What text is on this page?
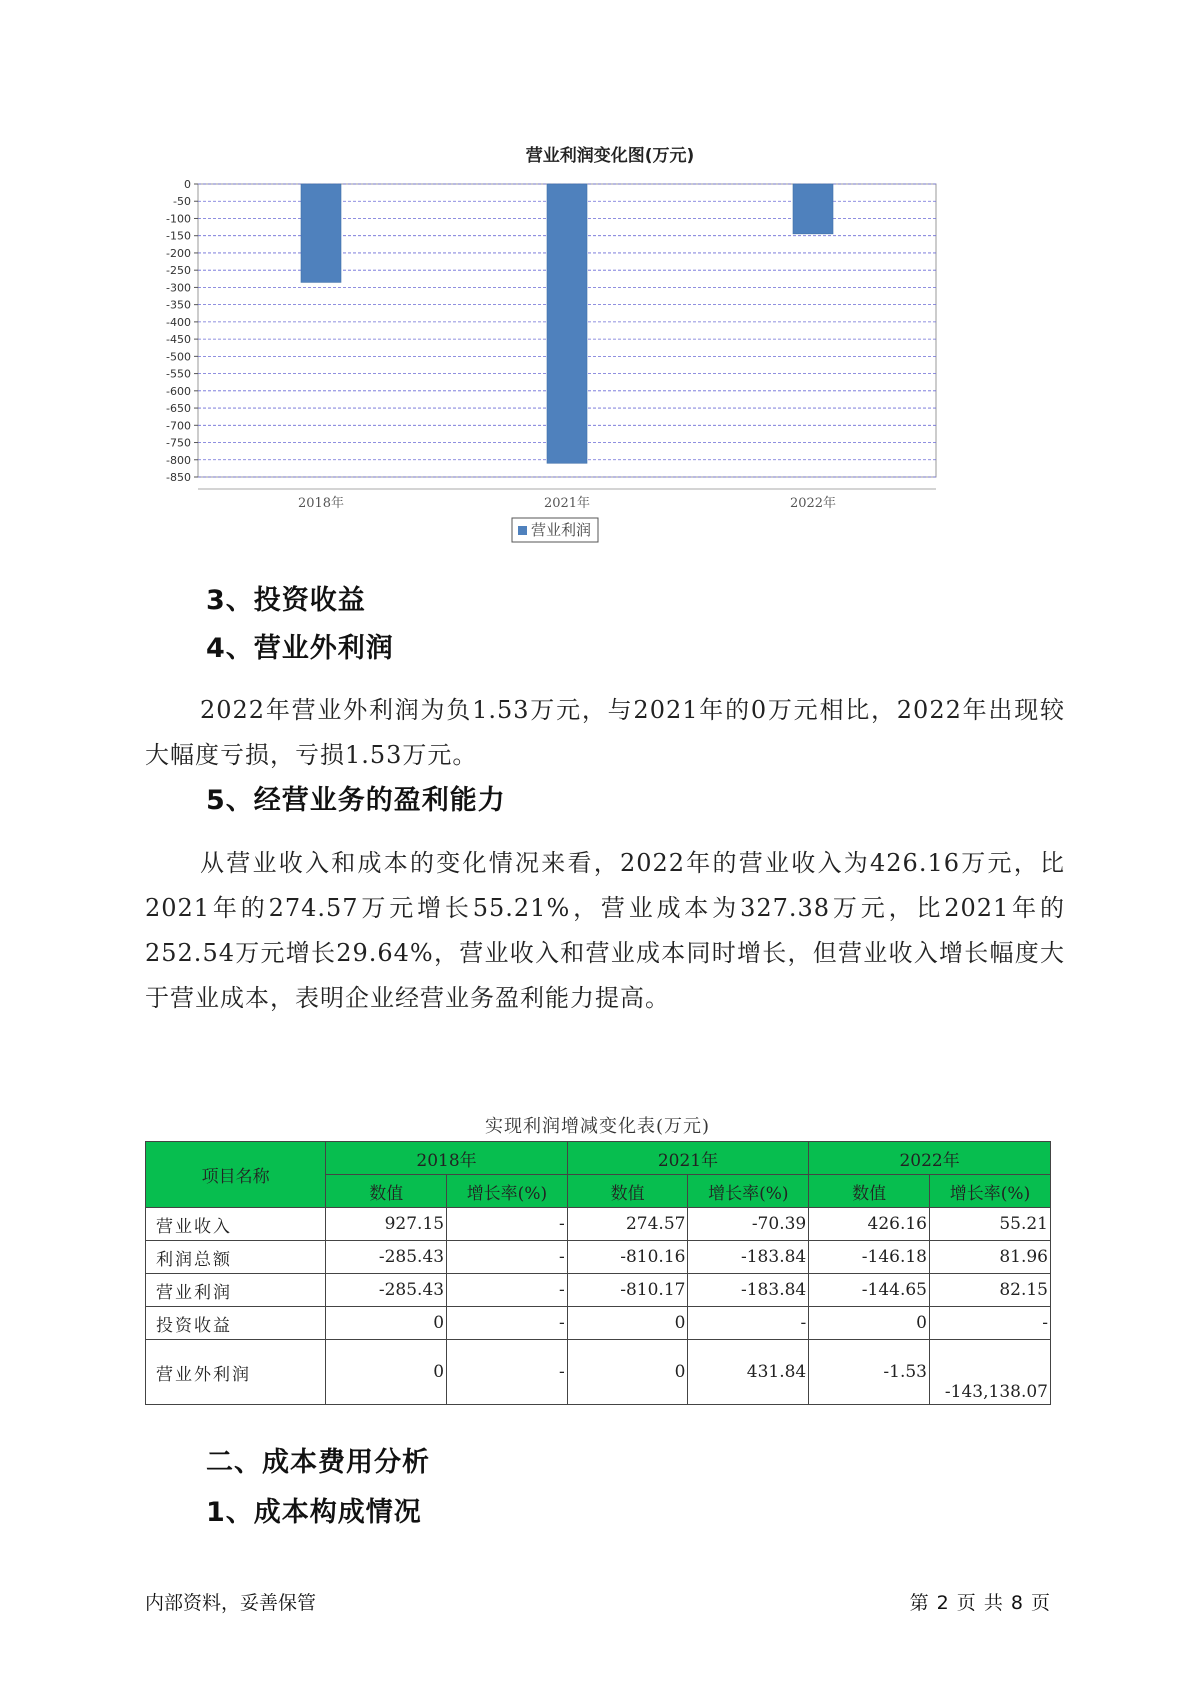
营业利润变化图(万元)
0
-50
-100
-150
-200
-250
-300
-350
-400
-450
-500
-550
-600
-650
-700
-750
-800
-850
2018年	2021年	2022年
营业利润
3、投资收益
4、营业外利润

2022年营业外利润为负1.53万元，与2021年的0万元相比，2022年出现较大幅度亏损，亏损1.53万元。

5、经营业务的盈利能力

从营业收入和成本的变化情况来看，2022年的营业收入为426.16万元，比2021年的274.57万元增长55.21%，营业成本为327.38万元，比2021年的252.54万元增长29.64%，营业收入和营业成本同时增长，但营业收入增长幅度大于营业成本，表明企业经营业务盈利能力提高。

实现利润增减变化表(万元)
项目名称	2018年		2021年		2022年	
	数值	增长率(%)	数值	增长率(%)	数值	增长率(%)
营业收入	927.15	-	274.57	-70.39	426.16	55.21
利润总额	-285.43	-	-810.16	-183.84	-146.18	81.96
营业利润	-285.43	-	-810.17	-183.84	-144.65	82.15
投资收益	0	-	0	-	0	-
营业外利润	0	-	0	431.84	-1.53	-143,138.07
二、成本费用分析
1、成本构成情况
内部资料，妥善保管	第 2 页 共 8 页
